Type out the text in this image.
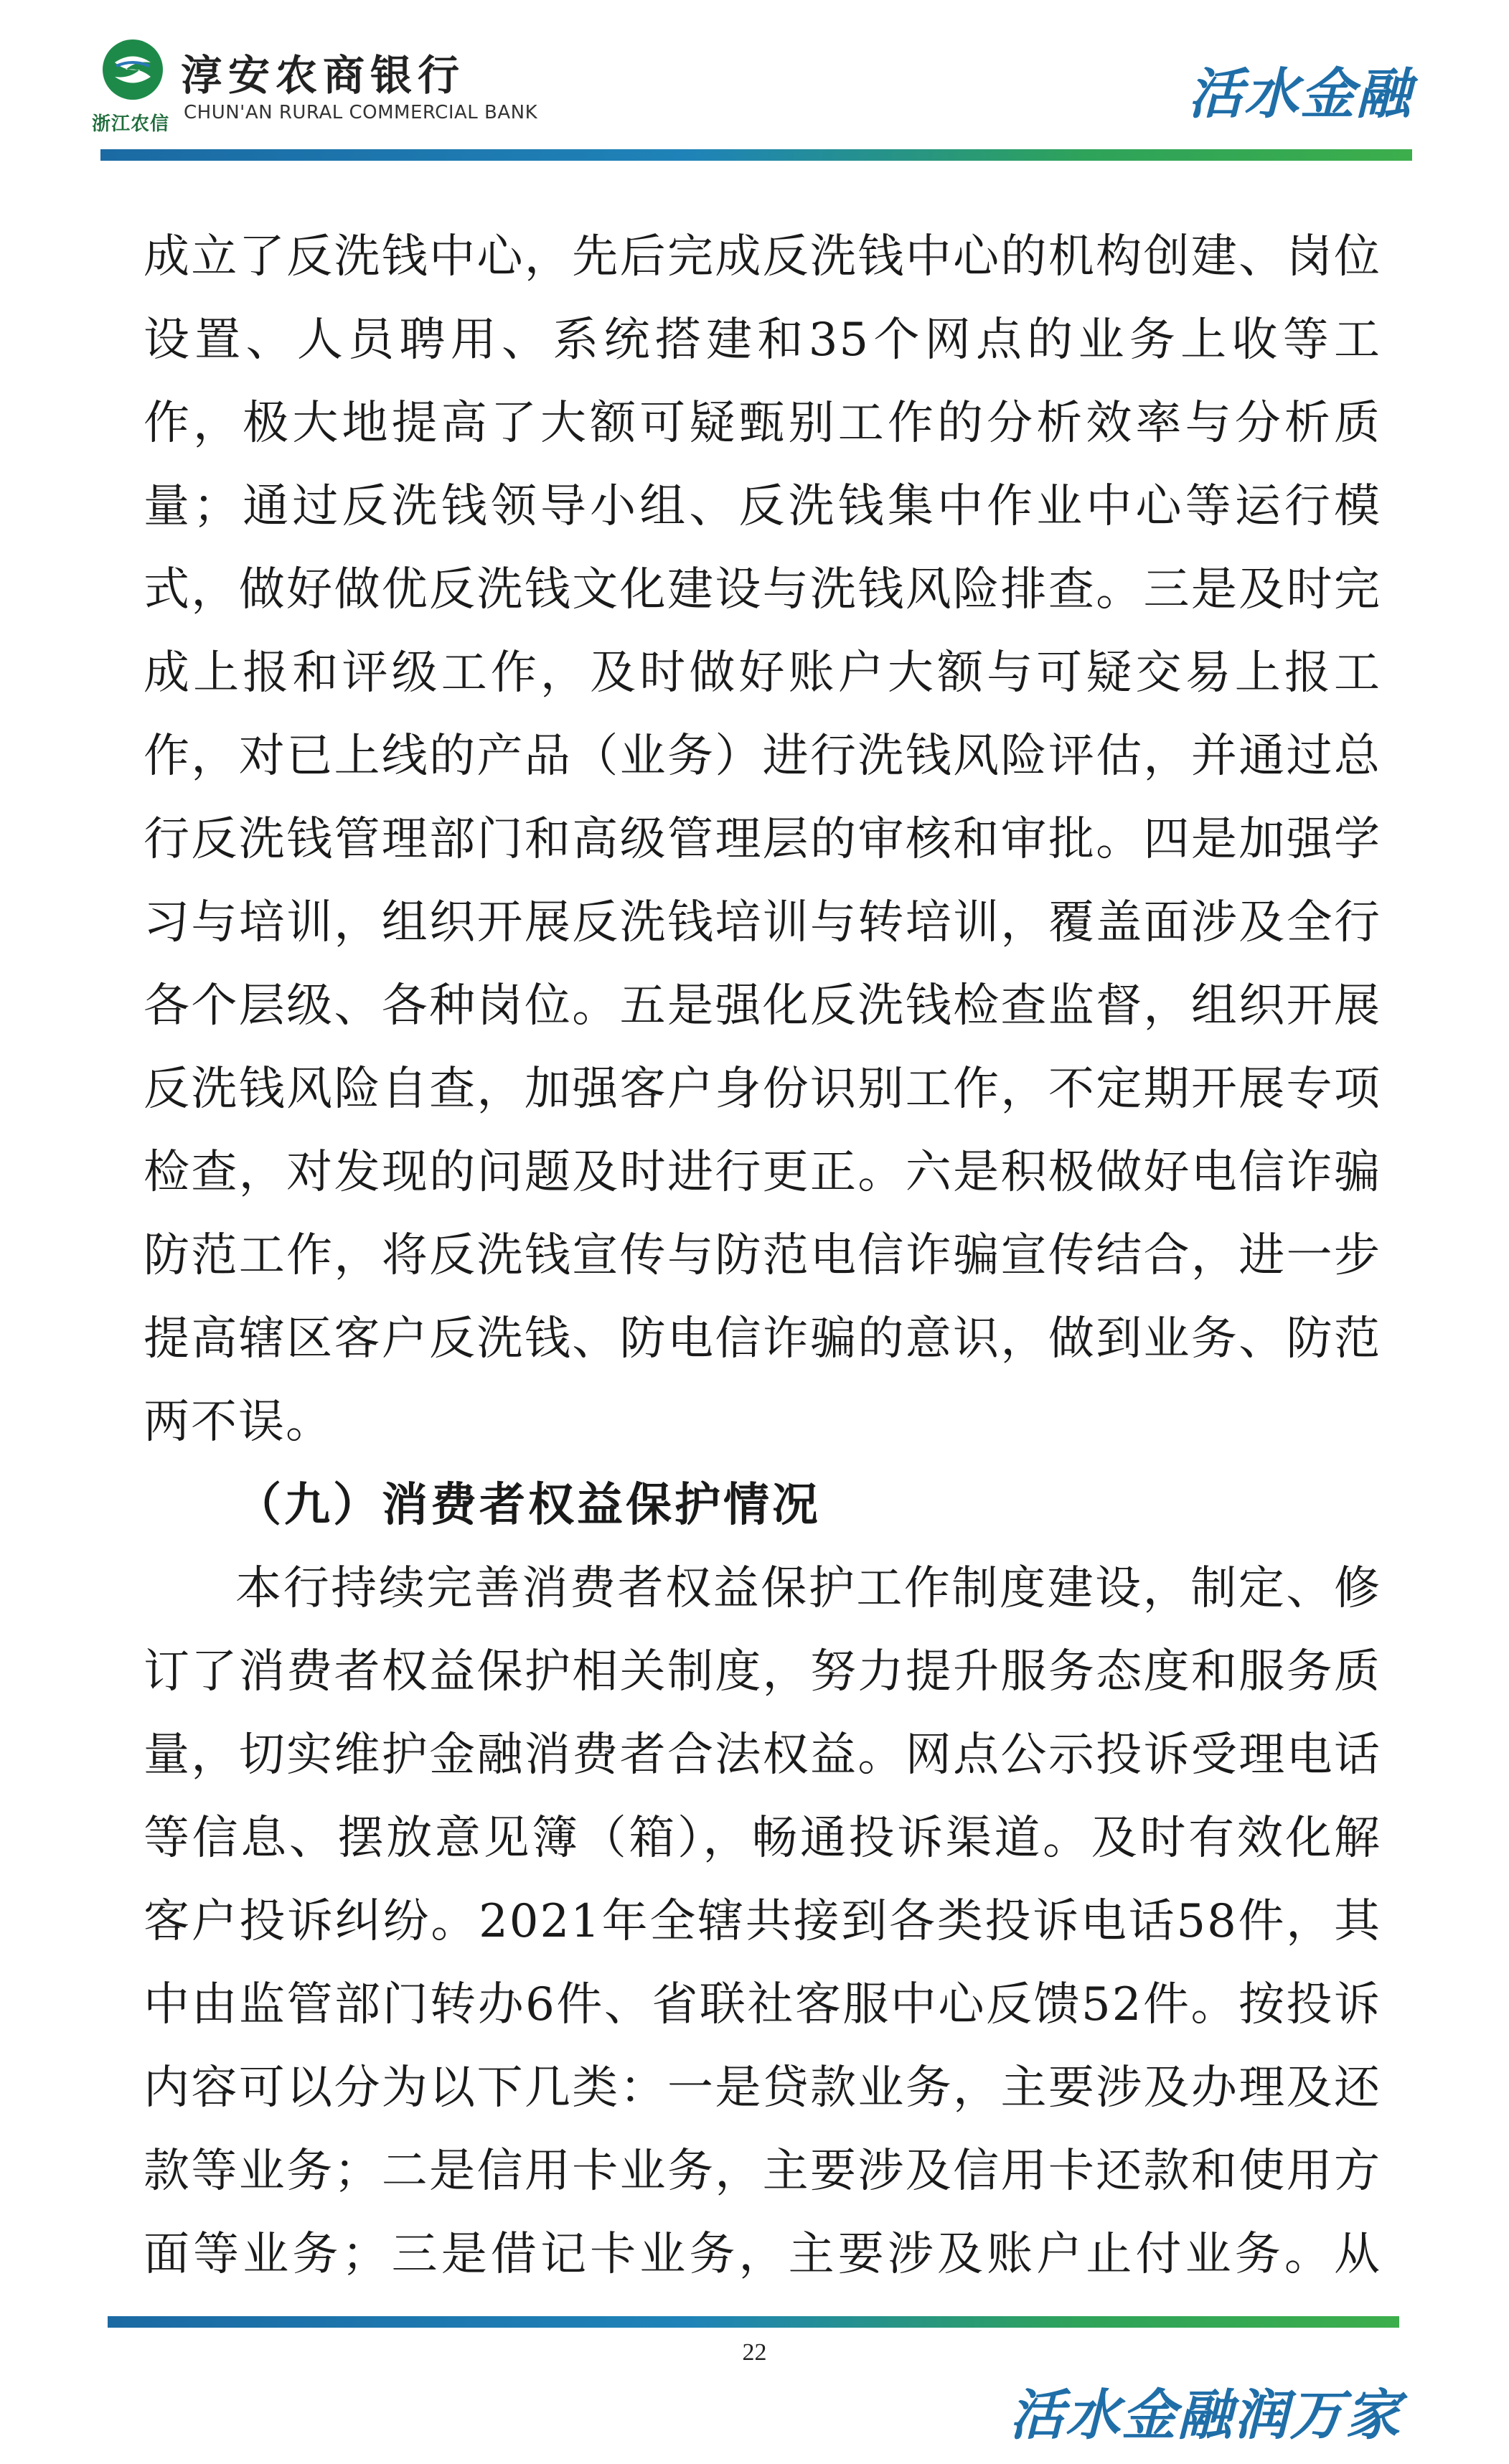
浙江农信
淳安农商银行
CHUN'AN RURAL COMMERCIAL BANK	活水金融

成立了反洗钱中心，先后完成反洗钱中心的机构创建、岗位设置、人员聘用、系统搭建和35个网点的业务上收等工作，极大地提高了大额可疑甄别工作的分析效率与分析质量；通过反洗钱领导小组、反洗钱集中作业中心等运行模式，做好做优反洗钱文化建设与洗钱风险排查。三是及时完成上报和评级工作，及时做好账户大额与可疑交易上报工作，对已上线的产品（业务）进行洗钱风险评估，并通过总行反洗钱管理部门和高级管理层的审核和审批。四是加强学习与培训，组织开展反洗钱培训与转培训，覆盖面涉及全行各个层级、各种岗位。五是强化反洗钱检查监督，组织开展反洗钱风险自查，加强客户身份识别工作，不定期开展专项检查，对发现的问题及时进行更正。六是积极做好电信诈骗防范工作，将反洗钱宣传与防范电信诈骗宣传结合，进一步提高辖区客户反洗钱、防电信诈骗的意识，做到业务、防范两不误。

（九）消费者权益保护情况

本行持续完善消费者权益保护工作制度建设，制定、修订了消费者权益保护相关制度，努力提升服务态度和服务质量，切实维护金融消费者合法权益。网点公示投诉受理电话等信息、摆放意见簿（箱），畅通投诉渠道。及时有效化解客户投诉纠纷。2021年全辖共接到各类投诉电话58件，其中由监管部门转办6件、省联社客服中心反馈52件。按投诉内容可以分为以下几类：一是贷款业务，主要涉及办理及还款等业务；二是信用卡业务，主要涉及信用卡还款和使用方面等业务；三是借记卡业务，主要涉及账户止付业务。从

22
活水金融润万家
